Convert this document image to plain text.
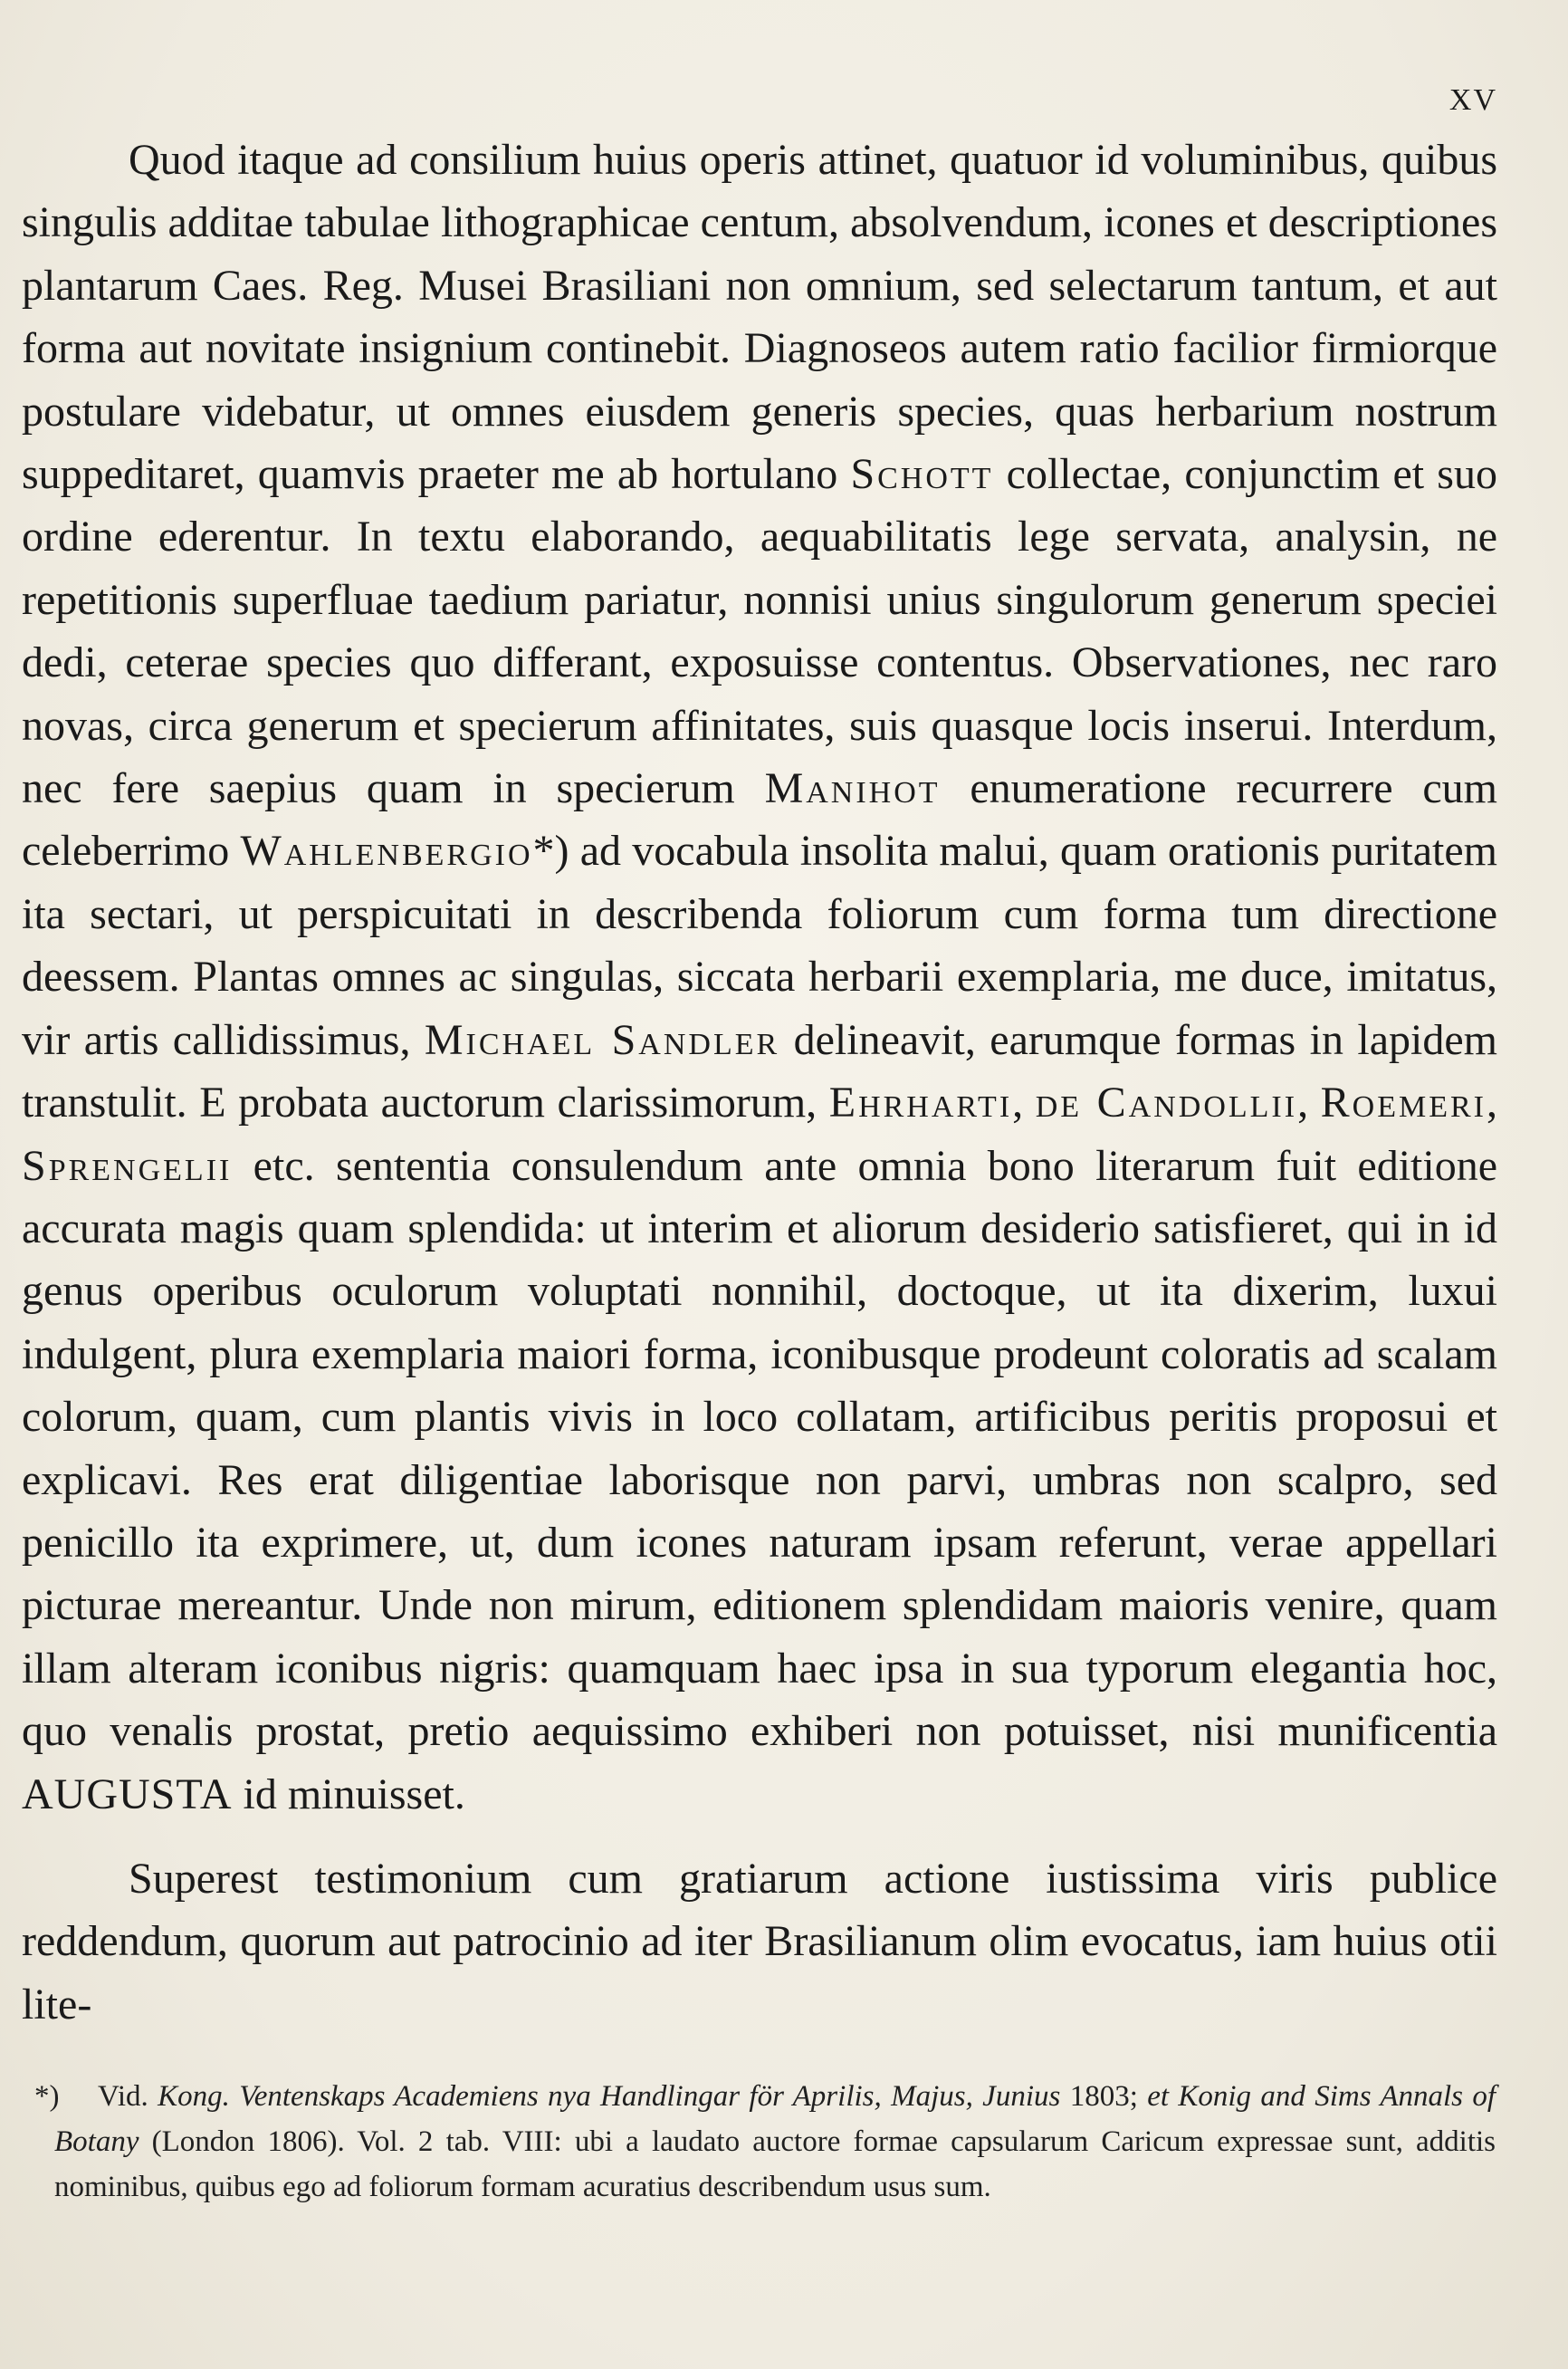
XV

Quod itaque ad consilium huius operis attinet, quatuor id voluminibus, quibus singulis additae tabulae lithographicae centum, absolvendum, icones et descriptiones plantarum Caes. Reg. Musei Brasiliani non omnium, sed selectarum tantum, et aut forma aut novitate insignium continebit. Diagnoseos autem ratio facilior firmiorque postulare videbatur, ut omnes eiusdem generis species, quas herbarium nostrum suppeditaret, quamvis praeter me ab hortulano Schott collectae, conjunctim et suo ordine ederentur. In textu elaborando, aequabilitatis lege servata, analysin, ne repetitionis superfluae taedium pariatur, nonnisi unius singulorum generum speciei dedi, ceterae species quo differant, exposuisse contentus. Observationes, nec raro novas, circa generum et specierum affinitates, suis quasque locis inserui. Interdum, nec fere saepius quam in specierum Manihot enumeratione recurrere cum celeberrimo Wahlenbergio*) ad vocabula insolita malui, quam orationis puritatem ita sectari, ut perspicuitati in describenda foliorum cum forma tum directione deessem. Plantas omnes ac singulas, siccata herbarii exemplaria, me duce, imitatus, vir artis callidissimus, Michael Sandler delineavit, earumque formas in lapidem transtulit. E probata auctorum clarissimorum, Ehrharti, de Candollii, Roemeri, Sprengelii etc. sententia consulendum ante omnia bono literarum fuit editione accurata magis quam splendida: ut interim et aliorum desiderio satisfieret, qui in id genus operibus oculorum voluptati nonnihil, doctoque, ut ita dixerim, luxui indulgent, plura exemplaria maiori forma, iconibusque prodeunt coloratis ad scalam colorum, quam, cum plantis vivis in loco collatam, artificibus peritis proposui et explicavi. Res erat diligentiae laborisque non parvi, umbras non scalpro, sed penicillo ita exprimere, ut, dum icones naturam ipsam referunt, verae appellari picturae mereantur. Unde non mirum, editionem splendidam maioris venire, quam illam alteram iconibus nigris: quamquam haec ipsa in sua typorum elegantia hoc, quo venalis prostat, pretio aequissimo exhiberi non potuisset, nisi munificentia AUGUSTA id minuisset.

Superest testimonium cum gratiarum actione iustissima viris publice reddendum, quorum aut patrocinio ad iter Brasilianum olim evocatus, iam huius otii lite-

*) Vid. Kong. Ventenskaps Academiens nya Handlingar för Aprilis, Majus, Junius 1803; et Konig and Sims Annals of Botany (London 1806). Vol. 2 tab. VIII: ubi a laudato auctore formae capsularum Caricum expressae sunt, additis nominibus, quibus ego ad foliorum formam acuratius describendum usus sum.
